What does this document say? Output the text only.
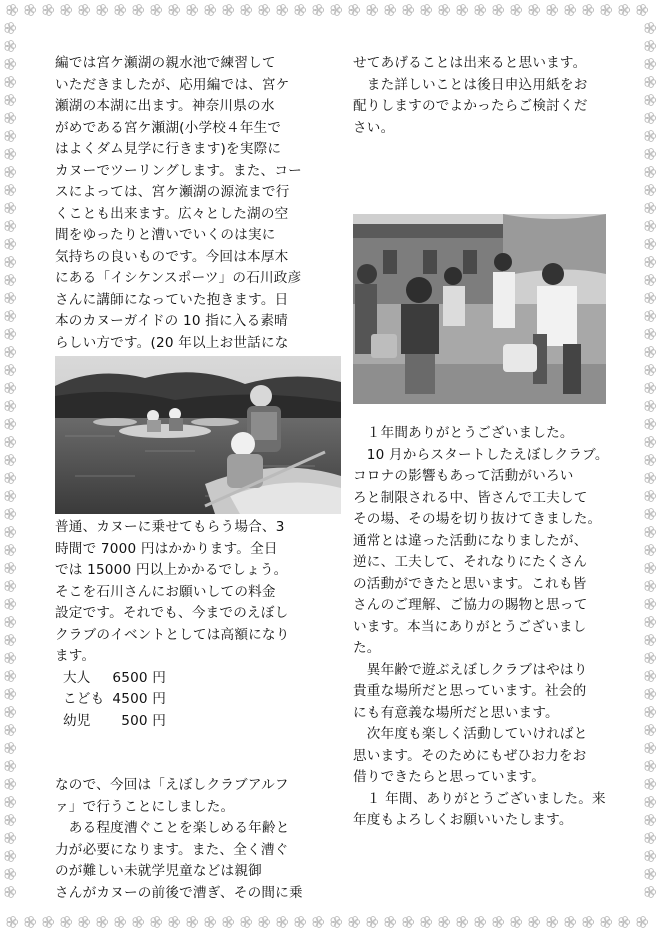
編では宮ケ瀬湖の親水池で練習して

いただきましたが、応用編では、宮ケ

瀬湖の本湖に出ます。神奈川県の水

がめである宮ケ瀬湖(小学校４年生で

はよくダム見学に行きます)を実際に

カヌーでツーリングします。また、コー

スによっては、宮ケ瀬湖の源流まで行

くことも出来ます。広々とした湖の空

間をゆったりと漕いでいくのは実に

気持ちの良いものです。今回は本厚木

にある「イシケンスポーツ」の石川政彦

さんに講師になっていた抱きます。日

本のカヌーガイドの 10 指に入る素晴

らしい方です。(20 年以上お世話にな

普通、カヌーに乗せてもらう場合、3

時間で 7000 円はかかります。全日

では 15000 円以上かかるでしょう。

そこを石川さんにお願いしての料金

設定です。それでも、今までのえぼし

クラブのイベントとしては高額になり

ます。

大人	6500 円
こども	4500 円
幼児	500 円

なので、今回は「えぼしクラブアルフ

ァ」で行うことにしました。

　ある程度漕ぐことを楽しめる年齢と

力が必要になります。また、全く漕ぐ

のが難しい未就学児童などは親御

さんがカヌーの前後で漕ぎ、その間に乗

せてあげることは出来ると思います。

　また詳しいことは後日申込用紙をお

配りしますのでよかったらご検討くだ

さい。

　１年間ありがとうございました。

　10 月からスタートしたえぼしクラブ。

コロナの影響もあって活動がいろい

ろと制限される中、皆さんで工夫して

その場、その場を切り抜けてきました。

通常とは違った活動になりましたが、

逆に、工夫して、それなりにたくさん

の活動ができたと思います。これも皆

さんのご理解、ご協力の賜物と思って

います。本当にありがとうございまし

た。

　異年齢で遊ぶえぼしクラブはやはり

貴重な場所だと思っています。社会的

にも有意義な場所だと思います。

　次年度も楽しく活動していければと

思います。そのためにもぜひお力をお

借りできたらと思っています。

　１ 年間、ありがとうございました。来

年度もよろしくお願いいたします。
